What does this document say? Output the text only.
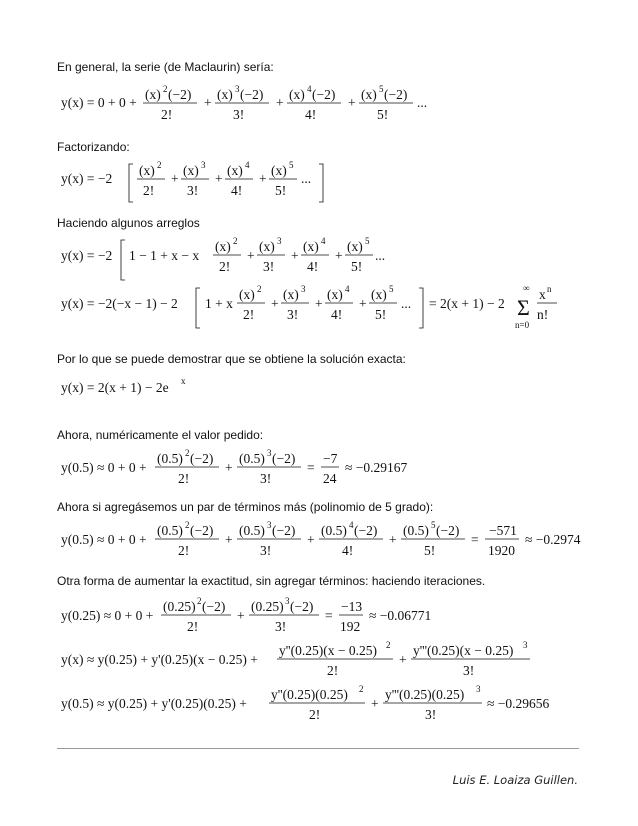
En general, la serie (de Maclaurin) sería:
y(x) = 0 + 0 +
(x) 2 (−2)
2!
+
(x) 3 (−2)
3!
+
(x) 4 (−2)
4!
+
(x) 5 (−2)
5!
...
Factorizando:
y(x) = −2
(x) 2
2!
+
(x) 3
3!
+
(x) 4
4!
+
(x) 5
5!
...
Haciendo algunos arreglos
y(x) = −2 1 − 1 + x − x
(x) 2
2!
+
(x) 3
3!
+
(x) 4
4!
+
(x) 5
5!
...
y(x) = −2(−x − 1) − 2 1 + x
(x) 2
2!
+
(x) 3
3!
+
(x) 4
4!
+
(x) 5
5!
... = 2(x + 1) − 2
∞
Σ
n=0
x n
n!
Por lo que se puede demostrar que se obtiene la solución exacta:
y(x) = 2(x + 1) − 2e x
Ahora, numéricamente el valor pedido:
y(0.5) ≈ 0 + 0 +
(0.5) 2 (−2)
2!
+
(0.5) 3 (−2)
3!
=
−7
24
≈ −0.29167
Ahora si agregásemos un par de términos más (polinomio de 5 grado):
y(0.5) ≈ 0 + 0 +
(0.5) 2 (−2)
2!
+
(0.5) 3 (−2)
3!
+
(0.5) 4 (−2)
4!
+
(0.5) 5 (−2)
5!
=
−571
1920
≈ −0.2974
Otra forma de aumentar la exactitud, sin agregar términos: haciendo iteraciones.
y(0.25) ≈ 0 + 0 +
(0.25) 2 (−2)
2!
+
(0.25) 3 (−2)
3!
=
−13
192
≈ −0.06771
y(x) ≈ y(0.25) + y'(0.25)(x − 0.25) +
y''(0.25)(x − 0.25) 2
2!
+
y'''(0.25)(x − 0.25) 3
3!
y(0.5) ≈ y(0.25) + y'(0.25)(0.25) +
y''(0.25)(0.25) 2
2!
+
y'''(0.25)(0.25) 3
3!
≈ −0.29656
Luis E. Loaiza Guillen.
